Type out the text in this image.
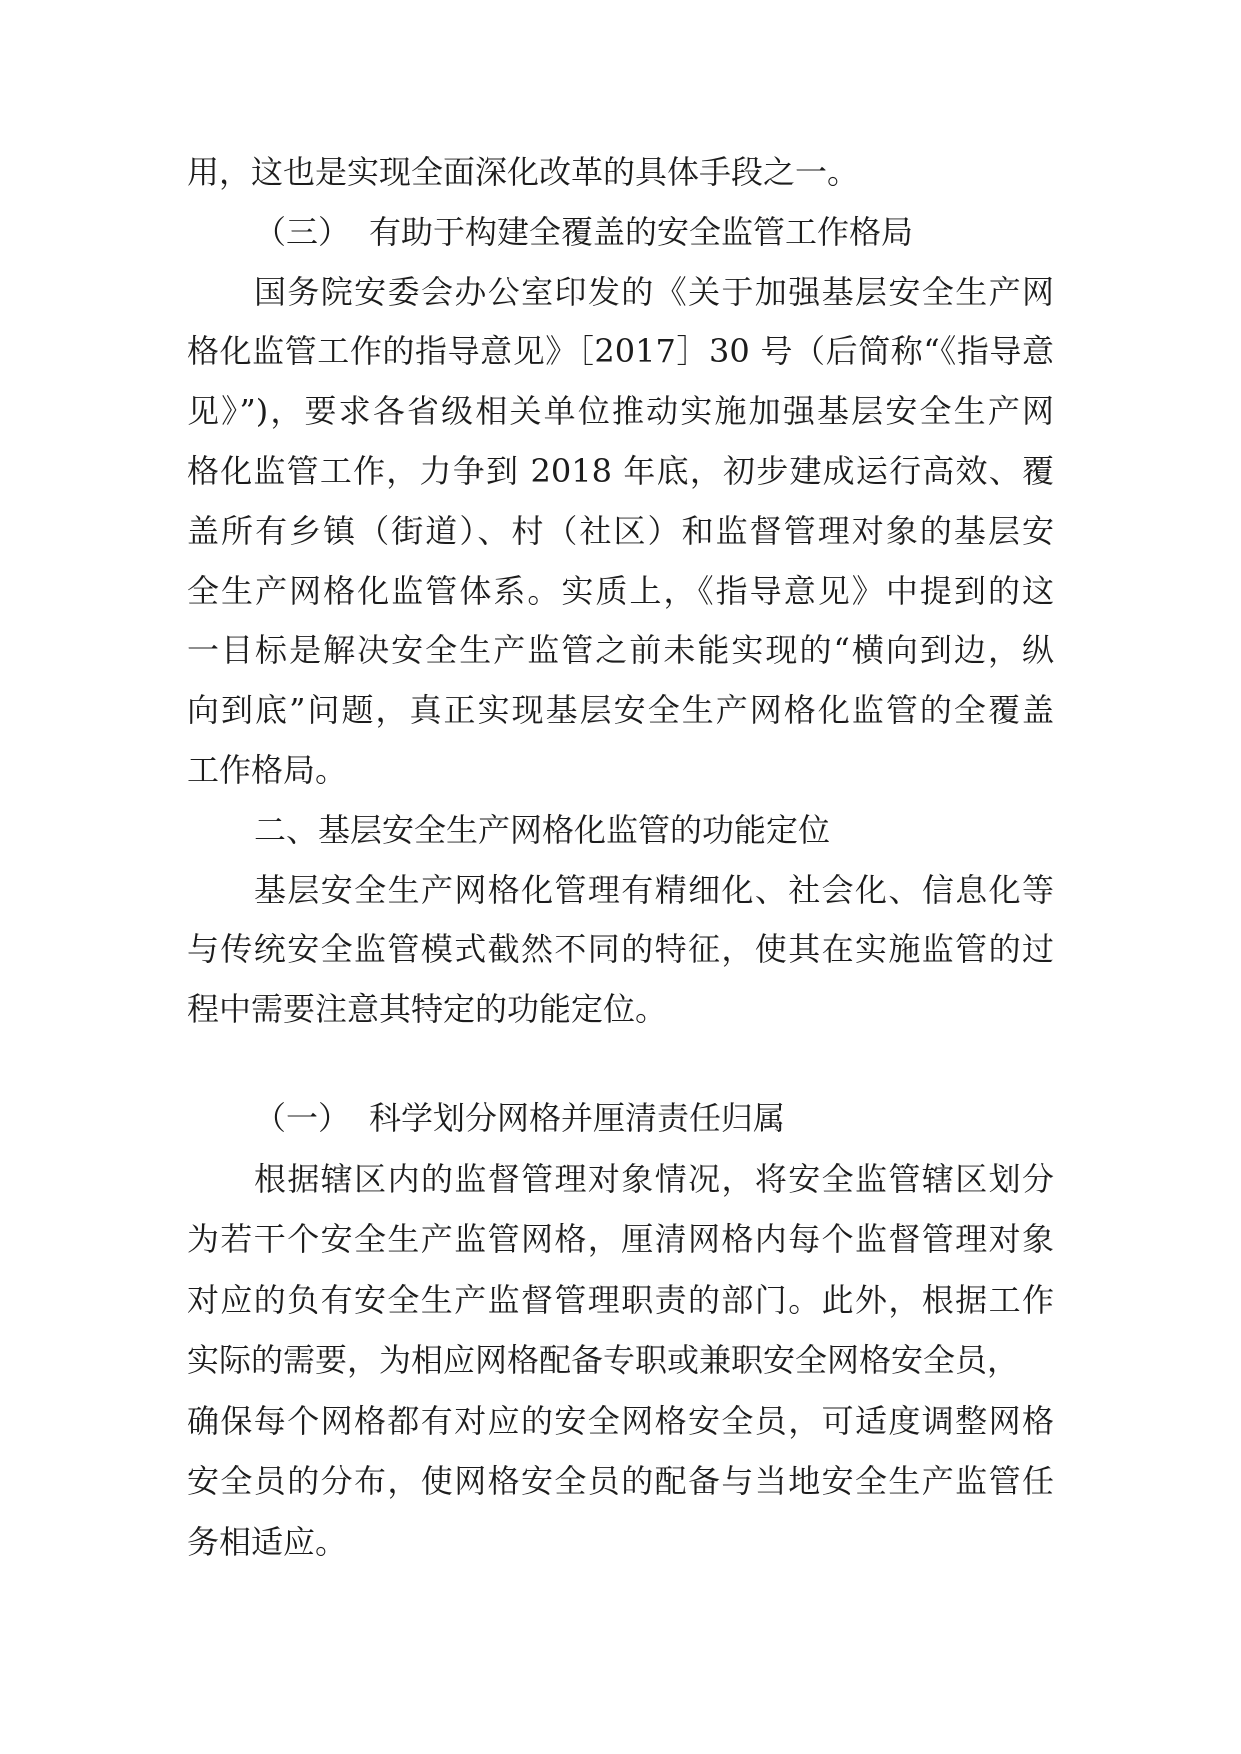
用，这也是实现全面深化改革的具体手段之一。
（三） 有助于构建全覆盖的安全监管工作格局
国务院安委会办公室印发的《关于加强基层安全生产网
格化监管工作的指导意见》［2017］30 号（后简称“《指导意
见》”)，要求各省级相关单位推动实施加强基层安全生产网
格化监管工作，力争到 2018 年底，初步建成运行高效、覆
盖所有乡镇（街道）、村（社区）和监督管理对象的基层安
全生产网格化监管体系。实质上，《指导意见》中提到的这
一目标是解决安全生产监管之前未能实现的“横向到边，纵
向到底”问题，真正实现基层安全生产网格化监管的全覆盖
工作格局。
二、基层安全生产网格化监管的功能定位
基层安全生产网格化管理有精细化、社会化、信息化等
与传统安全监管模式截然不同的特征，使其在实施监管的过
程中需要注意其特定的功能定位。
（一） 科学划分网格并厘清责任归属
根据辖区内的监督管理对象情况，将安全监管辖区划分
为若干个安全生产监管网格，厘清网格内每个监督管理对象
对应的负有安全生产监督管理职责的部门。此外，根据工作
实际的需要，为相应网格配备专职或兼职安全网格安全员，
确保每个网格都有对应的安全网格安全员，可适度调整网格
安全员的分布，使网格安全员的配备与当地安全生产监管任
务相适应。
